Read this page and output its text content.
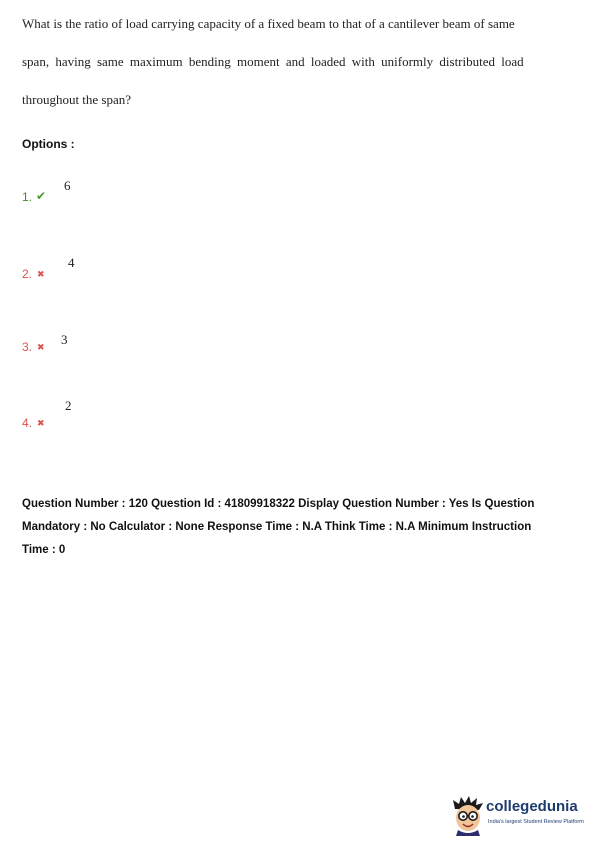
What is the ratio of load carrying capacity of a fixed beam to that of a cantilever beam of same
span, having same maximum bending moment and loaded with uniformly distributed load
throughout the span?
Options :
1. ✔
6
2. ✖
4
3. ✖
3
4. ✖
2
Question Number : 120 Question Id : 41809918322 Display Question Number : Yes Is Question
Mandatory : No Calculator : None Response Time : N.A Think Time : N.A Minimum Instruction
Time : 0
collegedunia
India's largest Student Review Platform
